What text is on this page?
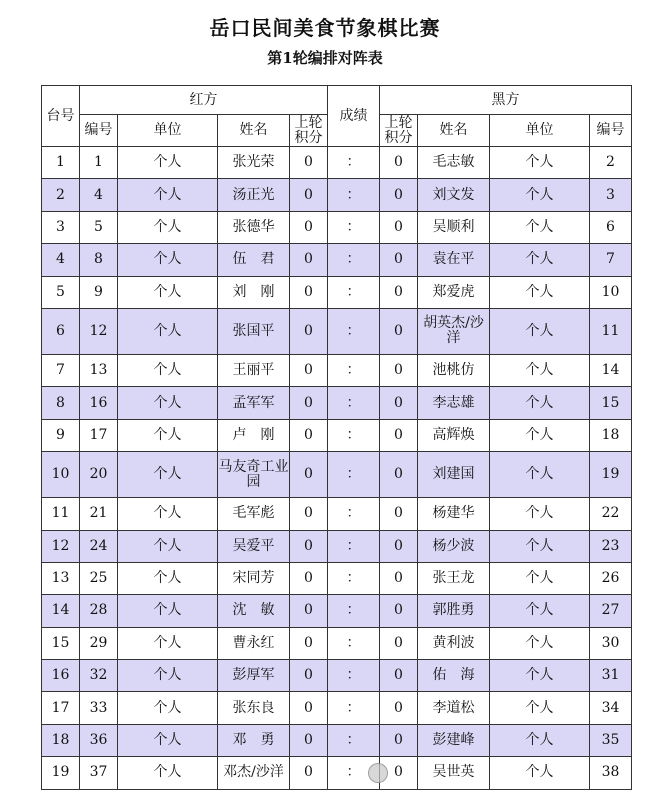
岳口民间美食节象棋比赛
第1轮编排对阵表
台号	红方				成绩	黑方			
	编号	单位	姓名	上轮积分		上轮积分	姓名	单位	编号
1	1	个人	张光荣	0	：	0	毛志敏	个人	2
2	4	个人	汤正光	0	：	0	刘文发	个人	3
3	5	个人	张德华	0	：	0	吴顺利	个人	6
4	8	个人	伍　君	0	：	0	袁在平	个人	7
5	9	个人	刘　刚	0	：	0	郑爱虎	个人	10
6	12	个人	张国平	0	：	0	胡英杰/沙洋	个人	11
7	13	个人	王丽平	0	：	0	池桃仿	个人	14
8	16	个人	孟军军	0	：	0	李志雄	个人	15
9	17	个人	卢　刚	0	：	0	高辉焕	个人	18
10	20	个人	马友奇工业园	0	：	0	刘建国	个人	19
11	21	个人	毛军彪	0	：	0	杨建华	个人	22
12	24	个人	吴爱平	0	：	0	杨少波	个人	23
13	25	个人	宋同芳	0	：	0	张王龙	个人	26
14	28	个人	沈　敏	0	：	0	郭胜勇	个人	27
15	29	个人	曹永红	0	：	0	黄利波	个人	30
16	32	个人	彭厚军	0	：	0	佑　海	个人	31
17	33	个人	张东良	0	：	0	李道松	个人	34
18	36	个人	邓　勇	0	：	0	彭建峰	个人	35
19	37	个人	邓杰/沙洋	0	：	0	吴世英	个人	38
